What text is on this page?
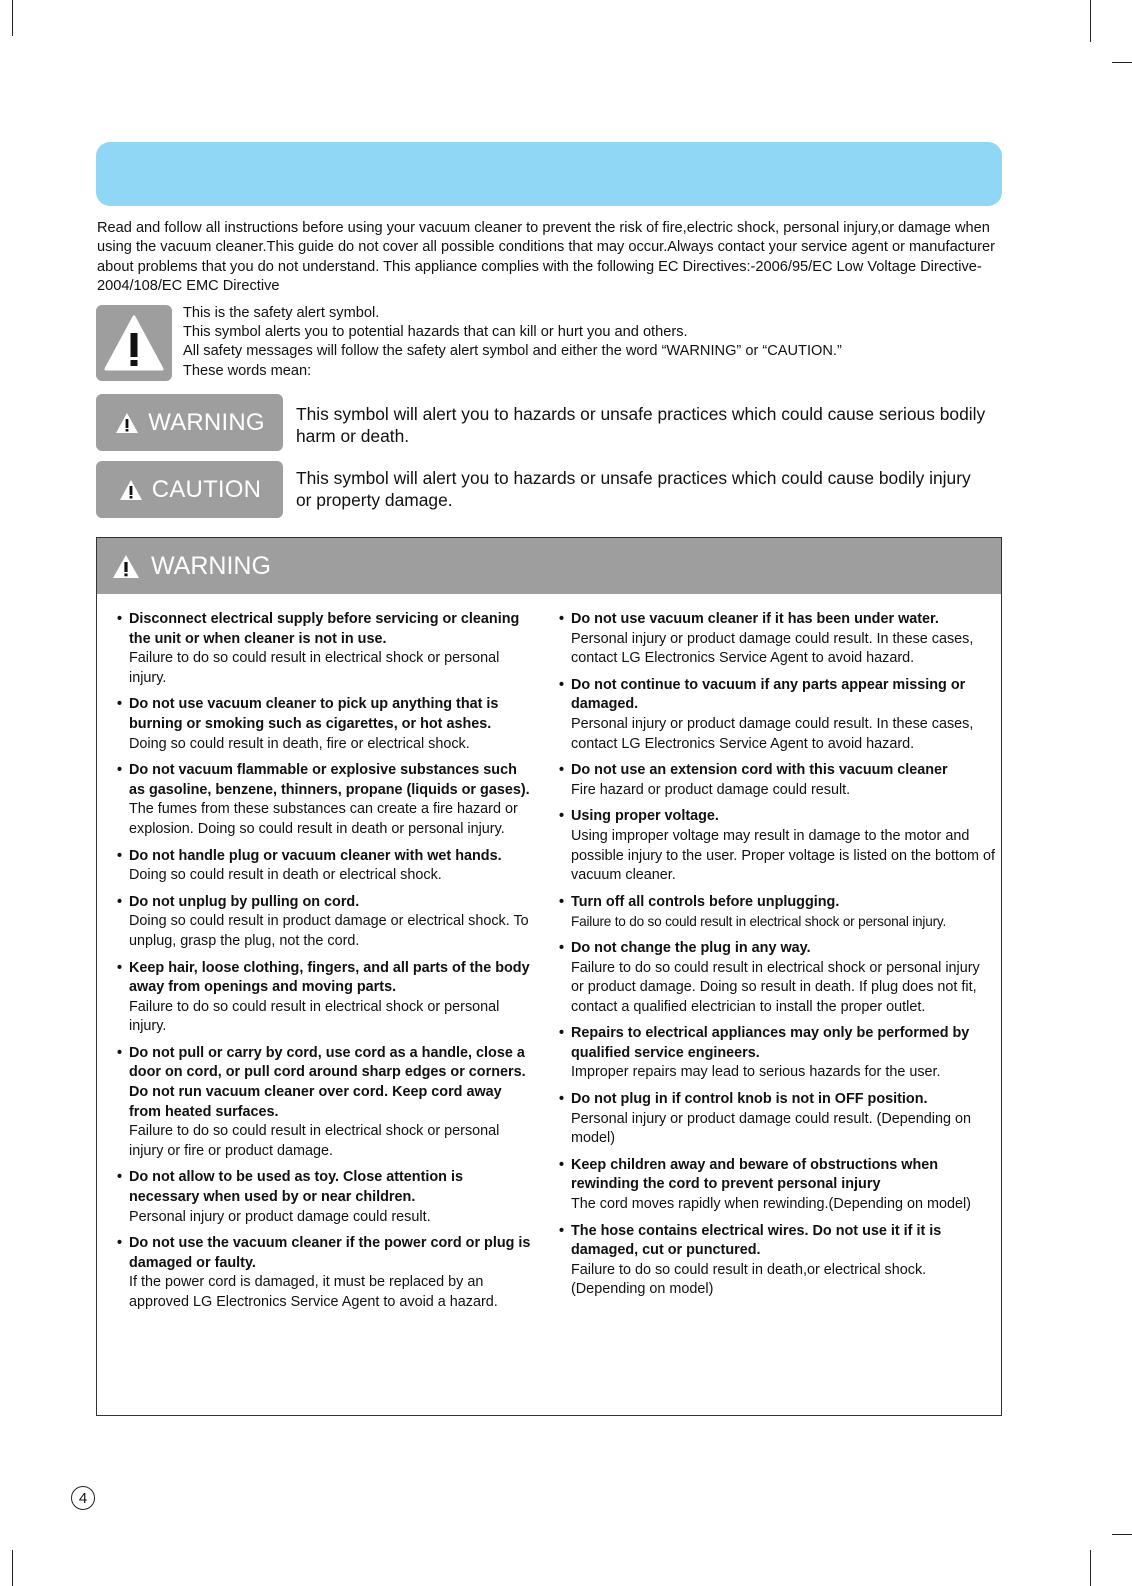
Read and follow all instructions before using your vacuum cleaner to prevent the risk of fire,electric shock, personal injury,or damage when using the vacuum cleaner.This guide do not cover all possible conditions that may occur.Always contact your service agent or manufacturer about problems that you do not understand. This appliance complies with the following EC Directives:-2006/95/EC Low Voltage Directive-2004/108/EC EMC Directive
This is the safety alert symbol.
This symbol alerts you to potential hazards that can kill or hurt you and others.
All safety messages will follow the safety alert symbol and either the word “WARNING” or “CAUTION.”
These words mean:
WARNING This symbol will alert you to hazards or unsafe practices which could cause serious bodily harm or death.
CAUTION This symbol will alert you to hazards or unsafe practices which could cause bodily injury or property damage.
WARNING
• Disconnect electrical supply before servicing or cleaning the unit or when cleaner is not in use.
Failure to do so could result in electrical shock or personal injury.
• Do not use vacuum cleaner to pick up anything that is burning or smoking such as cigarettes, or hot ashes.
Doing so could result in death, fire or electrical shock.
• Do not vacuum flammable or explosive substances such as gasoline, benzene, thinners, propane (liquids or gases).
The fumes from these substances can create a fire hazard or explosion. Doing so could result in death or personal injury.
• Do not handle plug or vacuum cleaner with wet hands.
Doing so could result in death or electrical shock.
• Do not unplug by pulling on cord.
Doing so could result in product damage or electrical shock. To unplug, grasp the plug, not the cord.
• Keep hair, loose clothing, fingers, and all parts of the body away from openings and moving parts.
Failure to do so could result in electrical shock or personal injury.
• Do not pull or carry by cord, use cord as a handle, close a door on cord, or pull cord around sharp edges or corners. Do not run vacuum cleaner over cord. Keep cord away from heated surfaces.
Failure to do so could result in electrical shock or personal injury or fire or product damage.
• Do not allow to be used as toy. Close attention is necessary when used by or near children.
Personal injury or product damage could result.
• Do not use the vacuum cleaner if the power cord or plug is damaged or faulty.
If the power cord is damaged, it must be replaced by an approved LG Electronics Service Agent to avoid a hazard.
• Do not use vacuum cleaner if it has been under water.
Personal injury or product damage could result. In these cases, contact LG Electronics Service Agent to avoid hazard.
• Do not continue to vacuum if any parts appear missing or damaged.
Personal injury or product damage could result. In these cases, contact LG Electronics Service Agent to avoid hazard.
• Do not use an extension cord with this vacuum cleaner
Fire hazard or product damage could result.
• Using proper voltage.
Using improper voltage may result in damage to the motor and possible injury to the user. Proper voltage is listed on the bottom of vacuum cleaner.
• Turn off all controls before unplugging.
Failure to do so could result in electrical shock or personal injury.
• Do not change the plug in any way.
Failure to do so could result in electrical shock or personal injury or product damage. Doing so result in death. If plug does not fit, contact a qualified electrician to install the proper outlet.
• Repairs to electrical appliances may only be performed by qualified service engineers.
Improper repairs may lead to serious hazards for the user.
• Do not plug in if control knob is not in OFF position.
Personal injury or product damage could result. (Depending on model)
• Keep children away and beware of obstructions when rewinding the cord to prevent personal injury
The cord moves rapidly when rewinding.(Depending on model)
• The hose contains electrical wires. Do not use it if it is damaged, cut or punctured.
Failure to do so could result in death,or electrical shock. (Depending on model)
4
